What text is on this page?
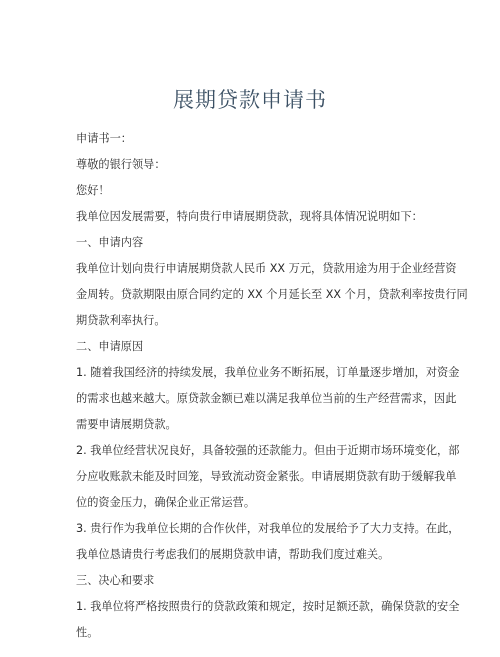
展期贷款申请书

申请书一：

尊敬的银行领导：

您好！

我单位因发展需要，特向贵行申请展期贷款，现将具体情况说明如下：

一、申请内容

我单位计划向贵行申请展期贷款人民币 XX 万元，贷款用途为用于企业经营资

金周转。贷款期限由原合同约定的 XX 个月延长至 XX 个月，贷款利率按贵行同

期贷款利率执行。

二、申请原因

1. 随着我国经济的持续发展，我单位业务不断拓展，订单量逐步增加，对资金

的需求也越来越大。原贷款金额已难以满足我单位当前的生产经营需求，因此

需要申请展期贷款。

2. 我单位经营状况良好，具备较强的还款能力。但由于近期市场环境变化，部

分应收账款未能及时回笼，导致流动资金紧张。申请展期贷款有助于缓解我单

位的资金压力，确保企业正常运营。

3. 贵行作为我单位长期的合作伙伴，对我单位的发展给予了大力支持。在此，

我单位恳请贵行考虑我们的展期贷款申请，帮助我们度过难关。

三、决心和要求

1. 我单位将严格按照贵行的贷款政策和规定，按时足额还款，确保贷款的安全

性。
